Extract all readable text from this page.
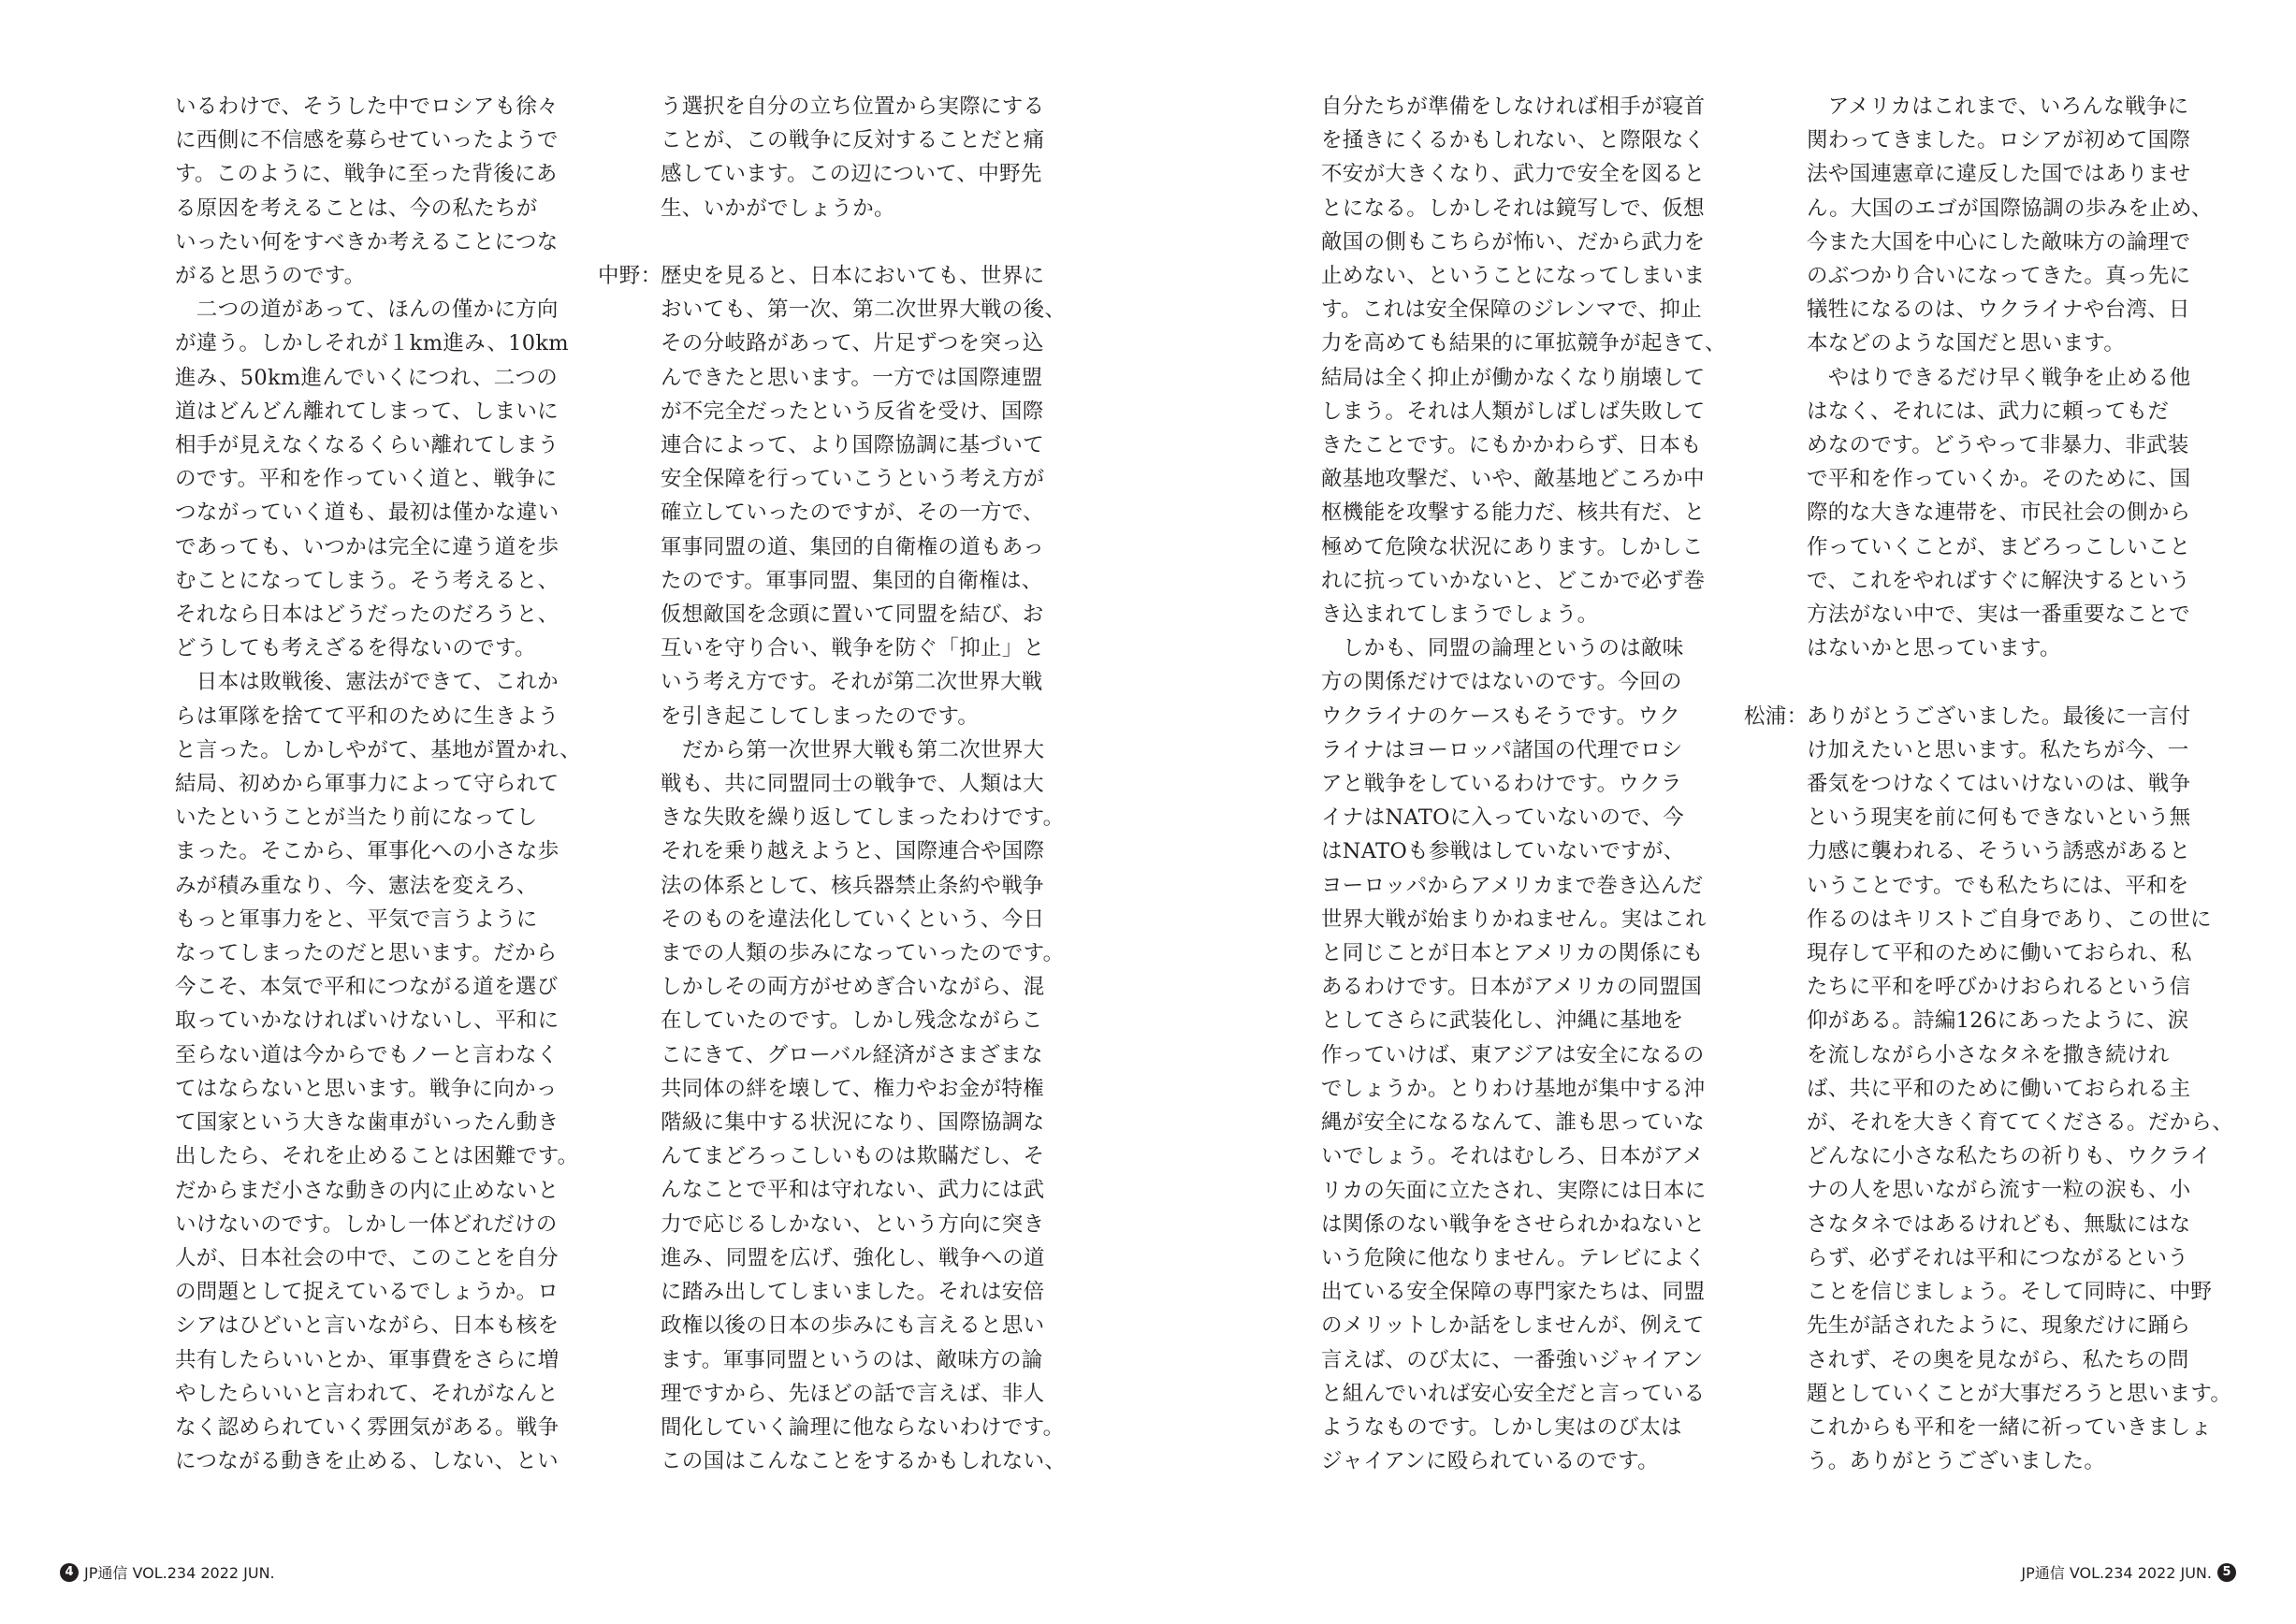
いるわけで、そうした中でロシアも徐々

に西側に不信感を募らせていったようで

す。このように、戦争に至った背後にあ

る原因を考えることは、今の私たちが

いったい何をすべきか考えることにつな

がると思うのです。

　二つの道があって、ほんの僅かに方向

が違う。しかしそれが１km進み、10km

進み、50km進んでいくにつれ、二つの

道はどんどん離れてしまって、しまいに

相手が見えなくなるくらい離れてしまう

のです。平和を作っていく道と、戦争に

つながっていく道も、最初は僅かな違い

であっても、いつかは完全に違う道を歩

むことになってしまう。そう考えると、

それなら日本はどうだったのだろうと、

どうしても考えざるを得ないのです。

　日本は敗戦後、憲法ができて、これか

らは軍隊を捨てて平和のために生きよう

と言った。しかしやがて、基地が置かれ、

結局、初めから軍事力によって守られて

いたということが当たり前になってし

まった。そこから、軍事化への小さな歩

みが積み重なり、今、憲法を変えろ、

もっと軍事力をと、平気で言うように

なってしまったのだと思います。だから

今こそ、本気で平和につながる道を選び

取っていかなければいけないし、平和に

至らない道は今からでもノーと言わなく

てはならないと思います。戦争に向かっ

て国家という大きな歯車がいったん動き

出したら、それを止めることは困難です。

だからまだ小さな動きの内に止めないと

いけないのです。しかし一体どれだけの

人が、日本社会の中で、このことを自分

の問題として捉えているでしょうか。ロ

シアはひどいと言いながら、日本も核を

共有したらいいとか、軍事費をさらに増

やしたらいいと言われて、それがなんと

なく認められていく雰囲気がある。戦争

につながる動きを止める、しない、とい

う選択を自分の立ち位置から実際にする

ことが、この戦争に反対することだと痛

感しています。この辺について、中野先

生、いかがでしょうか。

中野：

歴史を見ると、日本においても、世界に

おいても、第一次、第二次世界大戦の後、

その分岐路があって、片足ずつを突っ込

んできたと思います。一方では国際連盟

が不完全だったという反省を受け、国際

連合によって、より国際協調に基づいて

安全保障を行っていこうという考え方が

確立していったのですが、その一方で、

軍事同盟の道、集団的自衛権の道もあっ

たのです。軍事同盟、集団的自衛権は、

仮想敵国を念頭に置いて同盟を結び、お

互いを守り合い、戦争を防ぐ「抑止」と

いう考え方です。それが第二次世界大戦

を引き起こしてしまったのです。

　だから第一次世界大戦も第二次世界大

戦も、共に同盟同士の戦争で、人類は大

きな失敗を繰り返してしまったわけです。

それを乗り越えようと、国際連合や国際

法の体系として、核兵器禁止条約や戦争

そのものを違法化していくという、今日

までの人類の歩みになっていったのです。

しかしその両方がせめぎ合いながら、混

在していたのです。しかし残念ながらこ

こにきて、グローバル経済がさまざまな

共同体の絆を壊して、権力やお金が特権

階級に集中する状況になり、国際協調な

んてまどろっこしいものは欺瞞だし、そ

んなことで平和は守れない、武力には武

力で応じるしかない、という方向に突き

進み、同盟を広げ、強化し、戦争への道

に踏み出してしまいました。それは安倍

政権以後の日本の歩みにも言えると思い

ます。軍事同盟というのは、敵味方の論

理ですから、先ほどの話で言えば、非人

間化していく論理に他ならないわけです。

この国はこんなことをするかもしれない、

自分たちが準備をしなければ相手が寝首

を掻きにくるかもしれない、と際限なく

不安が大きくなり、武力で安全を図ると

とになる。しかしそれは鏡写しで、仮想

敵国の側もこちらが怖い、だから武力を

止めない、ということになってしまいま

す。これは安全保障のジレンマで、抑止

力を高めても結果的に軍拡競争が起きて、

結局は全く抑止が働かなくなり崩壊して

しまう。それは人類がしばしば失敗して

きたことです。にもかかわらず、日本も

敵基地攻撃だ、いや、敵基地どころか中

枢機能を攻撃する能力だ、核共有だ、と

極めて危険な状況にあります。しかしこ

れに抗っていかないと、どこかで必ず巻

き込まれてしまうでしょう。

　しかも、同盟の論理というのは敵味

方の関係だけではないのです。今回の

ウクライナのケースもそうです。ウク

ライナはヨーロッパ諸国の代理でロシ

アと戦争をしているわけです。ウクラ

イナはNATOに入っていないので、今

はNATOも参戦はしていないですが、

ヨーロッパからアメリカまで巻き込んだ

世界大戦が始まりかねません。実はこれ

と同じことが日本とアメリカの関係にも

あるわけです。日本がアメリカの同盟国

としてさらに武装化し、沖縄に基地を

作っていけば、東アジアは安全になるの

でしょうか。とりわけ基地が集中する沖

縄が安全になるなんて、誰も思っていな

いでしょう。それはむしろ、日本がアメ

リカの矢面に立たされ、実際には日本に

は関係のない戦争をさせられかねないと

いう危険に他なりません。テレビによく

出ている安全保障の専門家たちは、同盟

のメリットしか話をしませんが、例えて

言えば、のび太に、一番強いジャイアン

と組んでいれば安心安全だと言っている

ようなものです。しかし実はのび太は

ジャイアンに殴られているのです。

　アメリカはこれまで、いろんな戦争に

関わってきました。ロシアが初めて国際

法や国連憲章に違反した国ではありませ

ん。大国のエゴが国際協調の歩みを止め、

今また大国を中心にした敵味方の論理で

のぶつかり合いになってきた。真っ先に

犠牲になるのは、ウクライナや台湾、日

本などのような国だと思います。

　やはりできるだけ早く戦争を止める他

はなく、それには、武力に頼ってもだ

めなのです。どうやって非暴力、非武装

で平和を作っていくか。そのために、国

際的な大きな連帯を、市民社会の側から

作っていくことが、まどろっこしいこと

で、これをやればすぐに解決するという

方法がない中で、実は一番重要なことで

はないかと思っています。

松浦：

ありがとうございました。最後に一言付

け加えたいと思います。私たちが今、一

番気をつけなくてはいけないのは、戦争

という現実を前に何もできないという無

力感に襲われる、そういう誘惑があると

いうことです。でも私たちには、平和を

作るのはキリストご自身であり、この世に

現存して平和のために働いておられ、私

たちに平和を呼びかけおられるという信

仰がある。詩編126にあったように、涙

を流しながら小さなタネを撒き続けれ

ば、共に平和のために働いておられる主

が、それを大きく育ててくださる。だから、

どんなに小さな私たちの祈りも、ウクライ

ナの人を思いながら流す一粒の涙も、小

さなタネではあるけれども、無駄にはな

らず、必ずそれは平和につながるという

ことを信じましょう。そして同時に、中野

先生が話されたように、現象だけに踊ら

されず、その奥を見ながら、私たちの問

題としていくことが大事だろうと思います。

これからも平和を一緒に祈っていきましょ

う。ありがとうございました。

4 JP通信 VOL.234 2022 JUN.	JP通信 VOL.234 2022 JUN. 5
